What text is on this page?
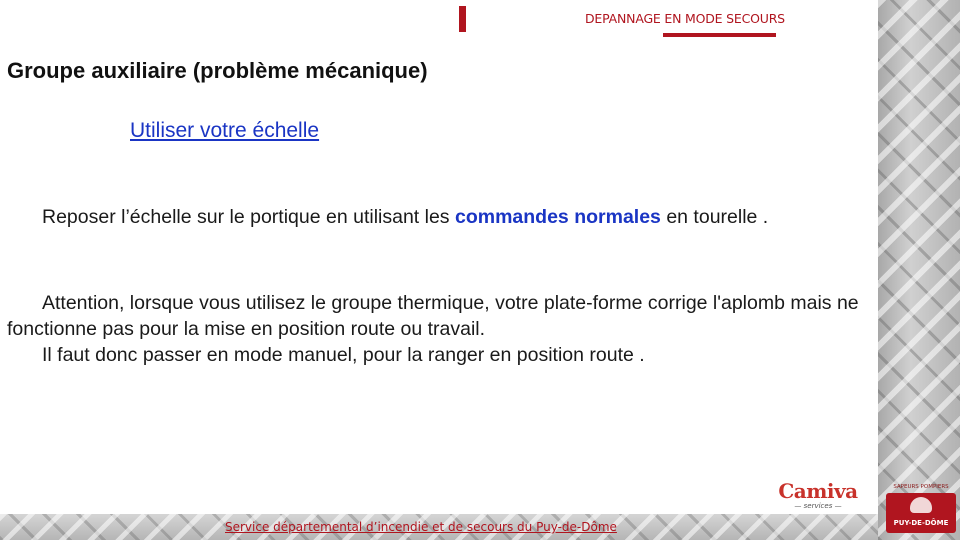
DEPANNAGE EN MODE SECOURS
Groupe auxiliaire (problème mécanique)
Utiliser votre échelle
Reposer l’échelle sur le portique en utilisant les commandes normales en tourelle .
Attention, lorsque vous utilisez le groupe thermique, votre plate-forme corrige l'aplomb mais ne fonctionne pas pour la mise en position route ou travail.
Il faut donc passer en mode manuel, pour la ranger en position route .
Service départemental d’incendie et de secours du Puy-de-Dôme
Camiva
— services —
SAPEURS POMPIERS
PUY-DE-DÔME
